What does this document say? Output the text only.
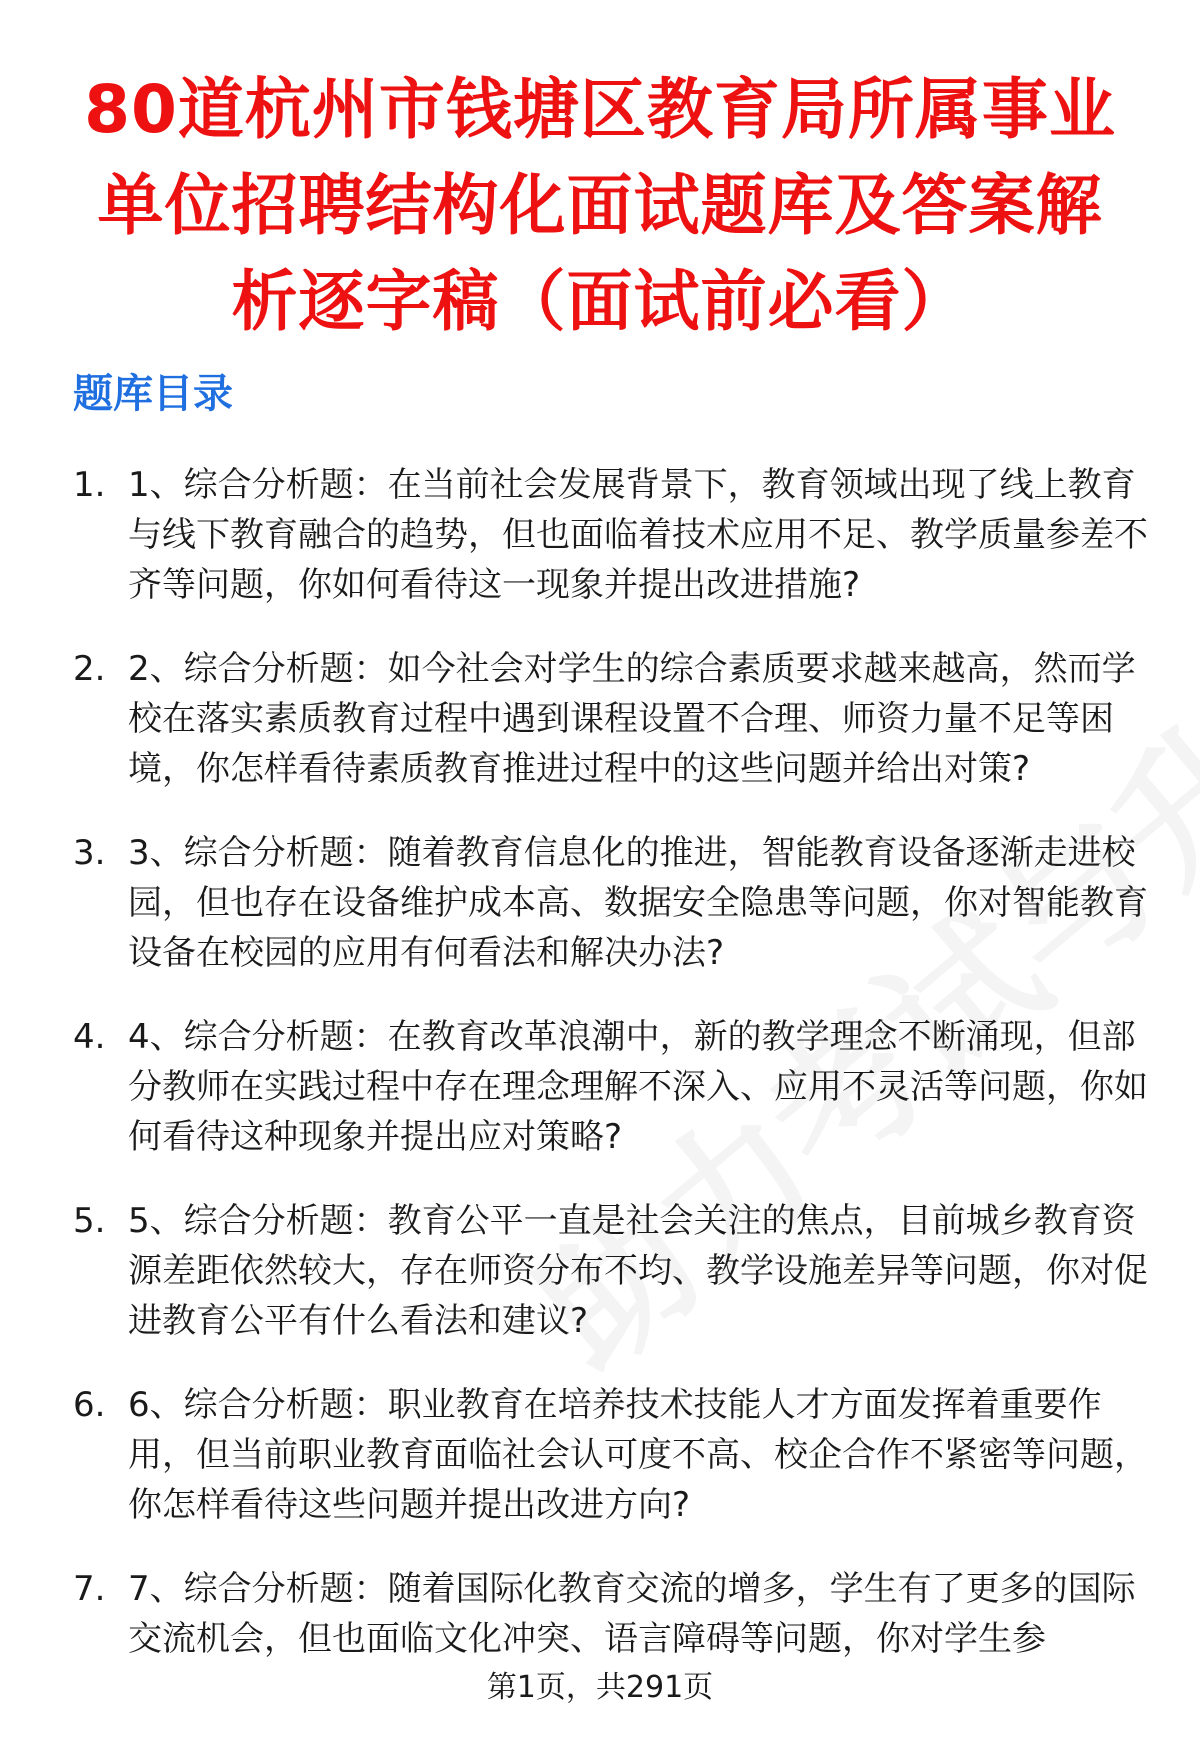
80道杭州市钱塘区教育局所属事业单位招聘结构化面试题库及答案解析逐字稿（面试前必看）
题库目录
1. 1、综合分析题：在当前社会发展背景下，教育领域出现了线上教育与线下教育融合的趋势，但也面临着技术应用不足、教学质量参差不齐等问题，你如何看待这一现象并提出改进措施?
2. 2、综合分析题：如今社会对学生的综合素质要求越来越高，然而学校在落实素质教育过程中遇到课程设置不合理、师资力量不足等困境，你怎样看待素质教育推进过程中的这些问题并给出对策?
3. 3、综合分析题：随着教育信息化的推进，智能教育设备逐渐走进校园，但也存在设备维护成本高、数据安全隐患等问题，你对智能教育设备在校园的应用有何看法和解决办法?
4. 4、综合分析题：在教育改革浪潮中，新的教学理念不断涌现，但部分教师在实践过程中存在理念理解不深入、应用不灵活等问题，你如何看待这种现象并提出应对策略?
5. 5、综合分析题：教育公平一直是社会关注的焦点，目前城乡教育资源差距依然较大，存在师资分布不均、教学设施差异等问题，你对促进教育公平有什么看法和建议?
6. 6、综合分析题：职业教育在培养技术技能人才方面发挥着重要作用，但当前职业教育面临社会认可度不高、校企合作不紧密等问题，你怎样看待这些问题并提出改进方向?
7. 7、综合分析题：随着国际化教育交流的增多，学生有了更多的国际交流机会，但也面临文化冲突、语言障碍等问题，你对学生参
第1页，共291页
